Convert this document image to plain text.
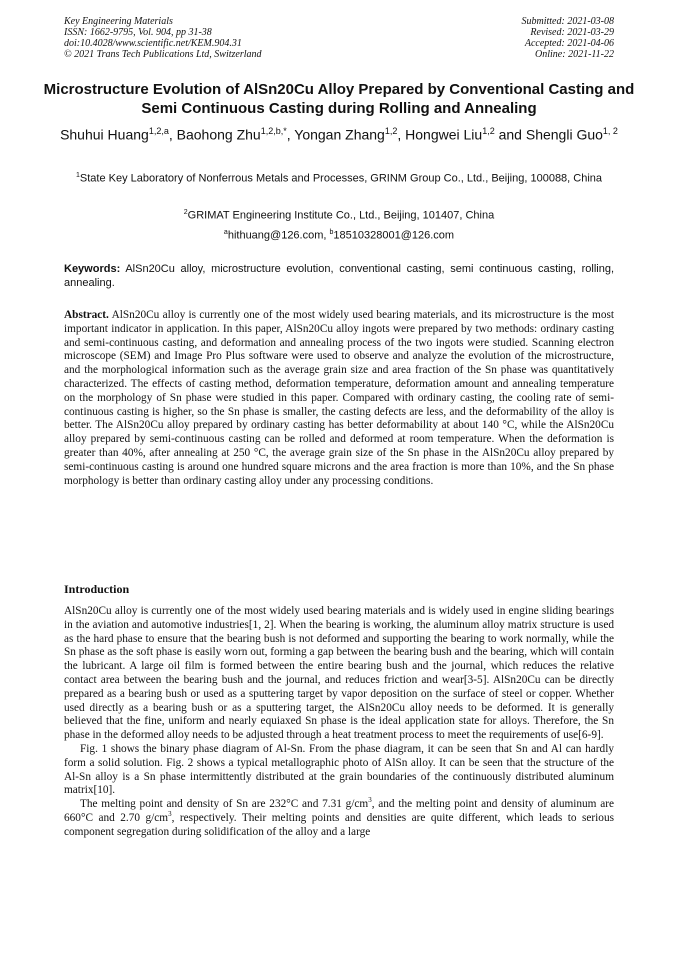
Key Engineering Materials
ISSN: 1662-9795, Vol. 904, pp 31-38
doi:10.4028/www.scientific.net/KEM.904.31
© 2021 Trans Tech Publications Ltd, Switzerland
Submitted: 2021-03-08
Revised: 2021-03-29
Accepted: 2021-04-06
Online: 2021-11-22
Microstructure Evolution of AlSn20Cu Alloy Prepared by Conventional Casting and Semi Continuous Casting during Rolling and Annealing
Shuhui Huang$^{1,2,a}$, Baohong Zhu$^{1,2,b,*}$, Yongan Zhang$^{1,2}$, Hongwei Liu$^{1,2}$ and Shengli Guo$^{1, 2}$
$^1$State Key Laboratory of Nonferrous Metals and Processes, GRINM Group Co., Ltd., Beijing, 100088, China
$^2$GRIMAT Engineering Institute Co., Ltd., Beijing, 101407, China
$^a$hithuang@126.com, $^b$18510328001@126.com
Keywords: AlSn20Cu alloy, microstructure evolution, conventional casting, semi continuous casting, rolling, annealing.
Abstract. AlSn20Cu alloy is currently one of the most widely used bearing materials, and its microstructure is the most important indicator in application. In this paper, AlSn20Cu alloy ingots were prepared by two methods: ordinary casting and semi-continuous casting, and deformation and annealing process of the two ingots were studied. Scanning electron microscope (SEM) and Image Pro Plus software were used to observe and analyze the evolution of the microstructure, and the morphological information such as the average grain size and area fraction of the Sn phase was quantitatively characterized. The effects of casting method, deformation temperature, deformation amount and annealing temperature on the morphology of Sn phase were studied in this paper. Compared with ordinary casting, the cooling rate of semi-continuous casting is higher, so the Sn phase is smaller, the casting defects are less, and the deformability of the alloy is better. The AlSn20Cu alloy prepared by ordinary casting has better deformability at about 140 °C, while the AlSn20Cu alloy prepared by semi-continuous casting can be rolled and deformed at room temperature. When the deformation is greater than 40%, after annealing at 250 °C, the average grain size of the Sn phase in the AlSn20Cu alloy prepared by semi-continuous casting is around one hundred square microns and the area fraction is more than 10%, and the Sn phase morphology is better than ordinary casting alloy under any processing conditions.
Introduction

AlSn20Cu alloy is currently one of the most widely used bearing materials and is widely used in engine sliding bearings in the aviation and automotive industries[1, 2]. When the bearing is working, the aluminum alloy matrix structure is used as the hard phase to ensure that the bearing bush is not deformed and supporting the bearing to work normally, while the Sn phase as the soft phase is easily worn out, forming a gap between the bearing bush and the bearing, which will contain the lubricant. A large oil film is formed between the entire bearing bush and the journal, which reduces the relative contact area between the bearing bush and the journal, and reduces friction and wear[3-5]. AlSn20Cu can be directly prepared as a bearing bush or used as a sputtering target by vapor deposition on the surface of steel or copper. Whether used directly as a bearing bush or as a sputtering target, the AlSn20Cu alloy needs to be deformed. It is generally believed that the fine, uniform and nearly equiaxed Sn phase is the ideal application state for alloys. Therefore, the Sn phase in the deformed alloy needs to be adjusted through a heat treatment process to meet the requirements of use[6-9].

Fig. 1 shows the binary phase diagram of Al-Sn. From the phase diagram, it can be seen that Sn and Al can hardly form a solid solution. Fig. 2 shows a typical metallographic photo of AlSn alloy. It can be seen that the structure of the Al-Sn alloy is a Sn phase intermittently distributed at the grain boundaries of the continuously distributed aluminum matrix[10].

The melting point and density of Sn are 232°C and 7.31 $g/cm^3$, and the melting point and density of aluminum are 660°C and 2.70 $g/cm^3$, respectively. Their melting points and densities are quite different, which leads to serious component segregation during solidification of the alloy and a large
